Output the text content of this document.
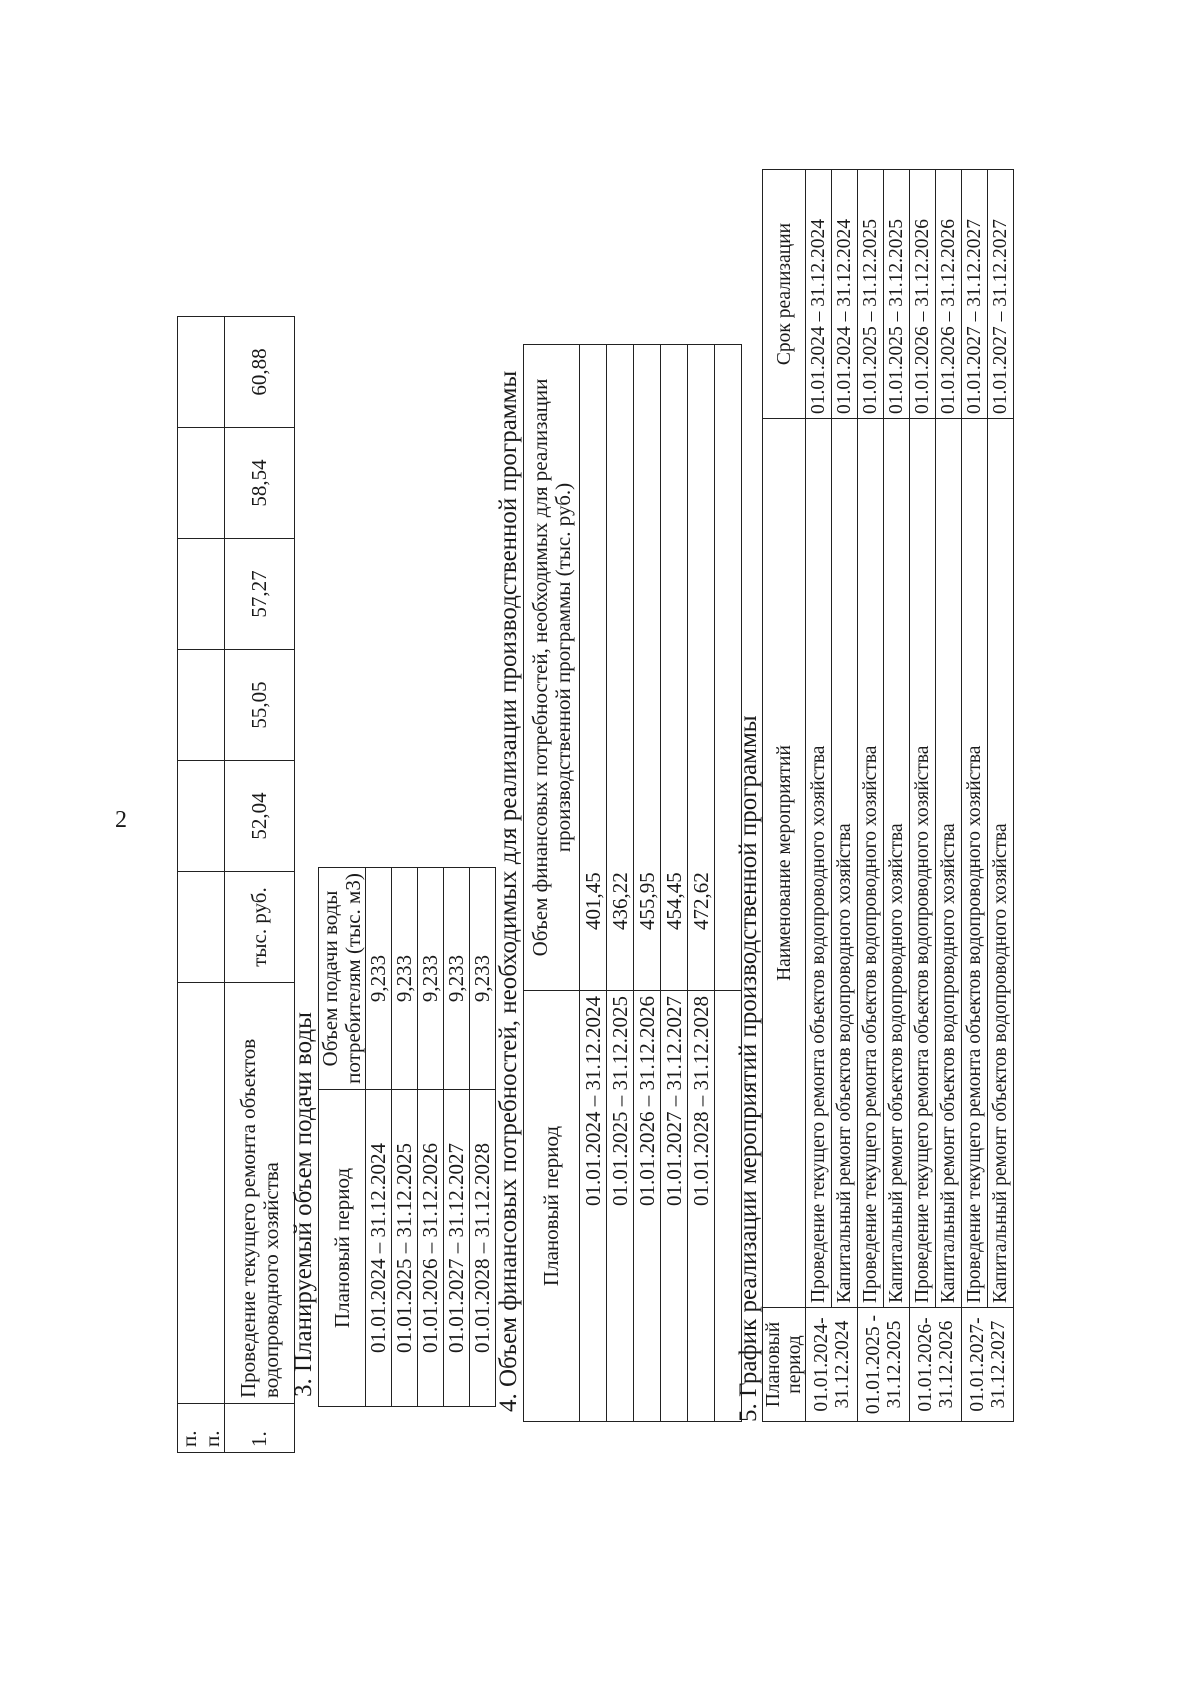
2
п. п.							
1.	Проведение текущего ремонта объектов водопроводного хозяйства	тыс. руб.	52,04	55,05	57,27	58,54	60,88
3. Планируемый объем подачи воды Плановый период	Объем подачи воды потребителям (тыс. м3)
01.01.2024 – 31.12.2024	9,233
01.01.2025 – 31.12.2025	9,233
01.01.2026 – 31.12.2026	9,233
01.01.2027 – 31.12.2027	9,233
01.01.2028 – 31.12.2028	9,233 4. Объем финансовых потребностей, необходимых для реализации производственной программы Плановый период	Объем финансовых потребностей, необходимых для реализации производственной программы (тыс. руб.)
01.01.2024 – 31.12.2024	401,45
01.01.2025 – 31.12.2025	436,22
01.01.2026 – 31.12.2026	455,95
01.01.2027 – 31.12.2027	454,45
01.01.2028 – 31.12.2028	472,62
	5. График реализации мероприятий производственной программы Плановый период	Наименование мероприятий	Срок реализации
01.01.2024-
31.12.2024	Проведение текущего ремонта объектов водопроводного хозяйства	01.01.2024 – 31.12.2024
	Капитальный ремонт объектов водопроводного хозяйства	01.01.2024 – 31.12.2024
01.01.2025 -
31.12.2025	Проведение текущего ремонта объектов водопроводного хозяйства	01.01.2025 – 31.12.2025
	Капитальный ремонт объектов водопроводного хозяйства	01.01.2025 – 31.12.2025
01.01.2026-
31.12.2026	Проведение текущего ремонта объектов водопроводного хозяйства	01.01.2026 – 31.12.2026
	Капитальный ремонт объектов водопроводного хозяйства	01.01.2026 – 31.12.2026
01.01.2027-
31.12.2027	Проведение текущего ремонта объектов водопроводного хозяйства	01.01.2027 – 31.12.2027
	Капитальный ремонт объектов водопроводного хозяйства	01.01.2027 – 31.12.2027
